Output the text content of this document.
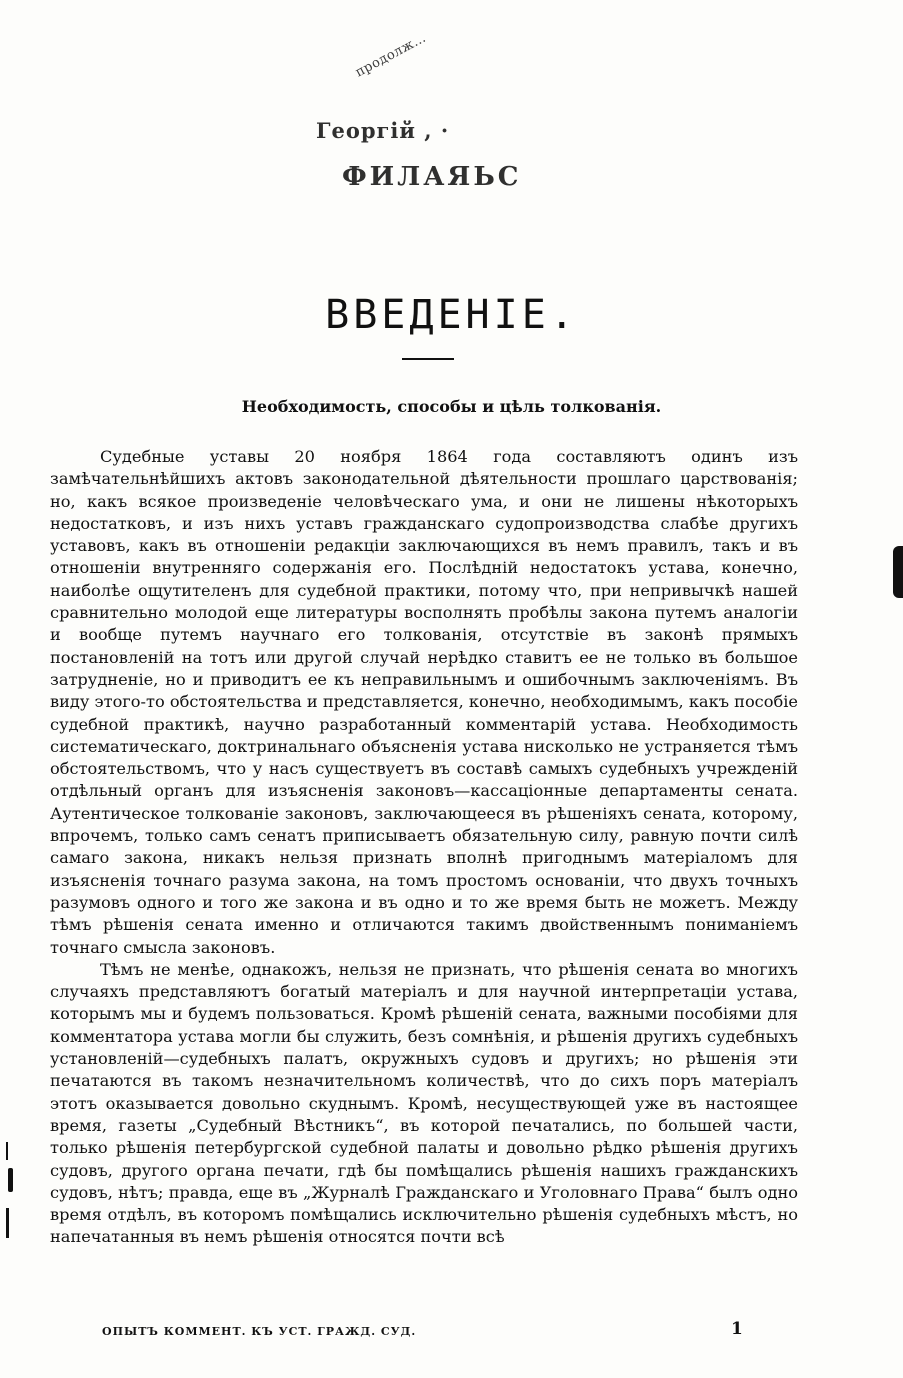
продолж…
Георгій , ·
ФИЛАЯЬС
ВВЕДЕНІЕ.
Необходимость, способы и цѣль толкованія.

Судебные уставы 20 ноября 1864 года составляютъ одинъ изъ замѣчательнѣйшихъ актовъ законодательной дѣятельности прошлаго царствованія; но, какъ всякое произведеніе человѣческаго ума, и они не лишены нѣкоторыхъ недостатковъ, и изъ нихъ уставъ гражданскаго судопроизводства слабѣе другихъ уставовъ, какъ въ отношеніи редакціи заключающихся въ немъ правилъ, такъ и въ отношеніи внутренняго содержанія его. Послѣдній недостатокъ устава, конечно, наиболѣе ощутителенъ для судебной практики, потому что, при непривычкѣ нашей сравнительно молодой еще литературы восполнять пробѣлы закона путемъ аналогіи и вообще путемъ научнаго его толкованія, отсутствіе въ законѣ прямыхъ постановленій на тотъ или другой случай нерѣдко ставитъ ее не только въ большое затрудненіе, но и приводитъ ее къ неправильнымъ и ошибочнымъ заключеніямъ. Въ виду этого-то обстоятельства и представляется, конечно, необходимымъ, какъ пособіе судебной практикѣ, научно разработанный комментарій устава. Необходимость систематическаго, доктринальнаго объясненія устава нисколько не устраняется тѣмъ обстоятельствомъ, что у насъ существуетъ въ составѣ самыхъ судебныхъ учрежденій отдѣльный органъ для изъясненія законовъ—кассаціонные департаменты сената. Аутентическое толкованіе законовъ, заключающееся въ рѣшеніяхъ сената, которому, впрочемъ, только самъ сенатъ приписываетъ обязательную силу, равную почти силѣ самаго закона, никакъ нельзя признать вполнѣ пригоднымъ матеріаломъ для изъясненія точнаго разума закона, на томъ простомъ основаніи, что двухъ точныхъ разумовъ одного и того же закона и въ одно и то же время быть не можетъ. Между тѣмъ рѣшенія сената именно и отличаются такимъ двойственнымъ пониманіемъ точнаго смысла законовъ.

Тѣмъ не менѣе, однакожъ, нельзя не признать, что рѣшенія сената во многихъ случаяхъ представляютъ богатый матеріалъ и для научной интерпретаціи устава, которымъ мы и будемъ пользоваться. Кромѣ рѣшеній сената, важными пособіями для комментатора устава могли бы служить, безъ сомнѣнія, и рѣшенія другихъ судебныхъ установленій—судебныхъ палатъ, окружныхъ судовъ и другихъ; но рѣшенія эти печатаются въ такомъ незначительномъ количествѣ, что до сихъ поръ матеріалъ этотъ оказывается довольно скуднымъ. Кромѣ, несуществующей уже въ настоящее время, газеты „Судебный Вѣстникъ“, въ которой печатались, по большей части, только рѣшенія петербургской судебной палаты и довольно рѣдко рѣшенія другихъ судовъ, другого органа печати, гдѣ бы помѣщались рѣшенія нашихъ гражданскихъ судовъ, нѣтъ; правда, еще въ „Журналѣ Гражданскаго и Уголовнаго Права“ былъ одно время отдѣлъ, въ которомъ помѣщались исключительно рѣшенія судебныхъ мѣстъ, но напечатанныя въ немъ рѣшенія относятся почти всѣ

ОПЫТЪ КОММЕНТ. КЪ УСТ. ГРАЖД. СУД.	1
